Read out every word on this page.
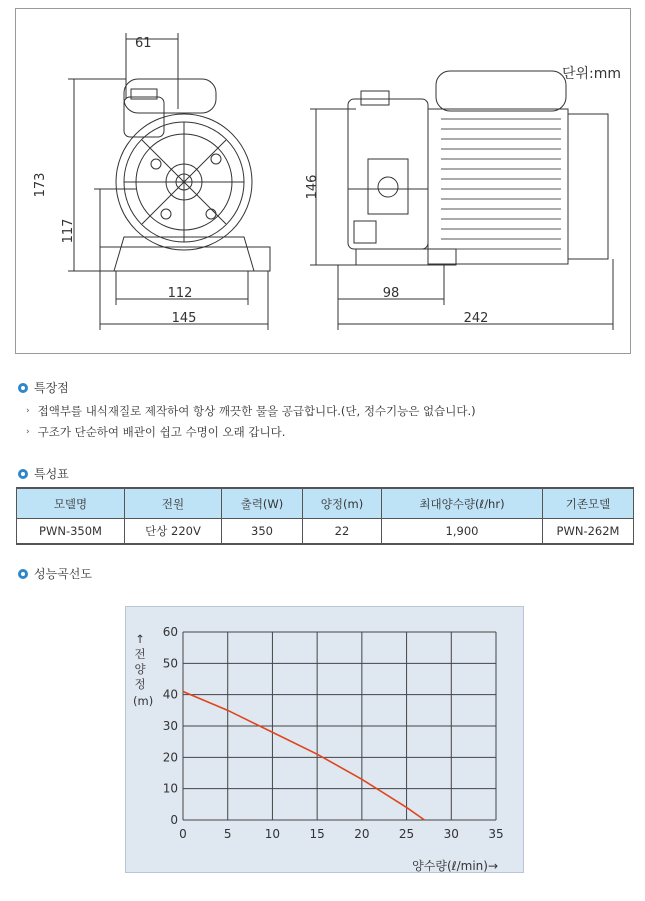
61
173
117
112
145
146
98
242
단위:mm
특장점
› 접액부를 내식재질로 제작하여 항상 깨끗한 물을 공급합니다.(단, 정수기능은 없습니다.)
› 구조가 단순하여 배관이 쉽고 수명이 오래 갑니다.
특성표
모델명	전원	출력(W)	양정(m)	최대양수량(ℓ/hr)	기존모델
PWN-350M	단상 220V	350	22	1,900	PWN-262M
성능곡선도
0	5	10 15 20 25 30 35
0
10
20
30
40
50
60
양수량(ℓ/min)→
↑
전
양
정
(m)
